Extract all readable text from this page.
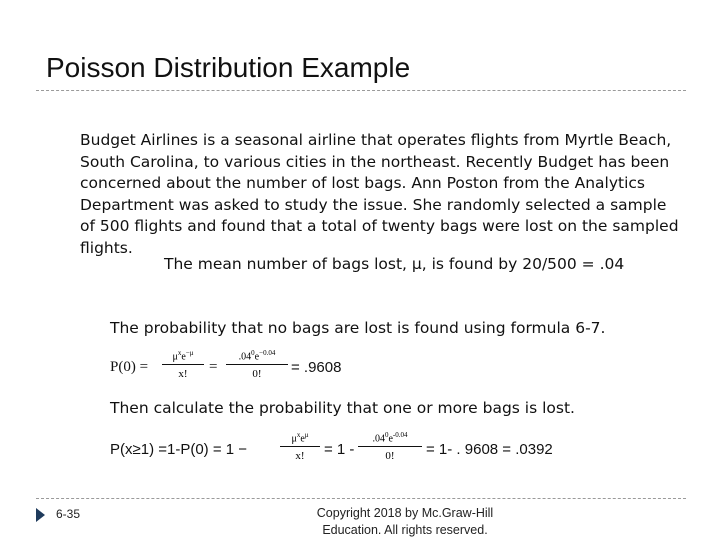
Poisson Distribution Example
Budget Airlines is a seasonal airline that operates flights from Myrtle Beach, South Carolina, to various cities in the northeast. Recently Budget has been concerned about the number of lost bags. Ann Poston from the Analytics Department was asked to study the issue. She randomly selected a sample of 500 flights and found that a total of twenty bags were lost on the sampled flights.
The mean number of bags lost, μ, is found by 20/500 = .04
The probability that no bags are lost is found using formula 6-7.
P(0) =
$\mu^xe^{-\mu}$
x!	= $\frac{.04^0e^{-0.04}}{0!} = .9608$
Then calculate the probability that one or more bags is lost.
P(x≥1) =1-P(0) = 1 −
$\mu^xe^\mu$
x!	= $1 - \frac{.04^0e^{-0.04}}{0!} = 1-$ . 9608 = .0392
6-35	Copyright 2018 by Mc.Graw-Hill Education. All rights reserved.
